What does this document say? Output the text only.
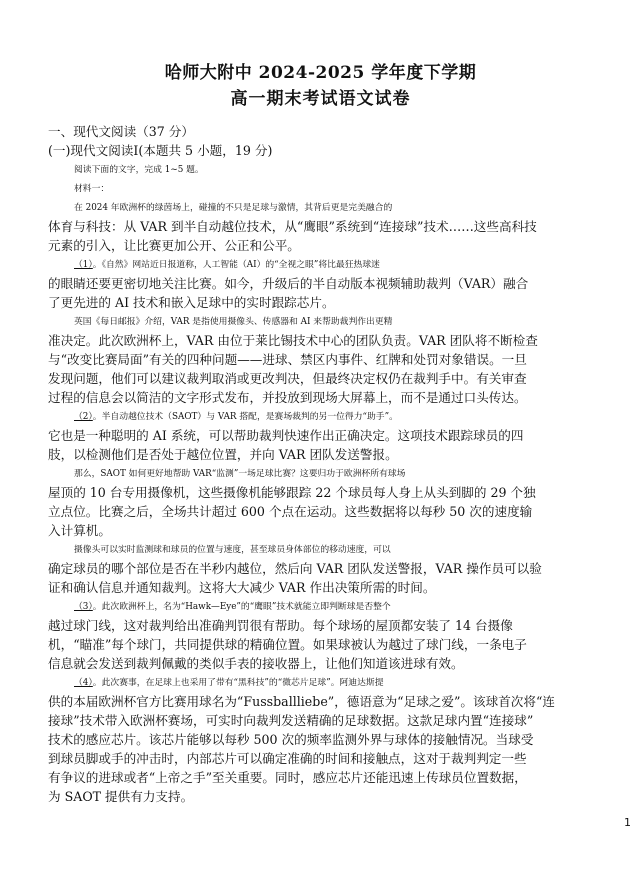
哈师大附中 2024-2025 学年度下学期
高一期末考试语文试卷
一、现代文阅读（37 分）
(一)现代文阅读Ⅰ(本题共 5 小题，19 分)
阅读下面的文字，完成 1~5 题。
材料一：
在 2024 年欧洲杯的绿茵场上，碰撞的不只是足球与激情，其背后更是完美融合的
体育与科技：从 VAR 到半自动越位技术，从“鹰眼”系统到“连接球”技术……这些高科技
元素的引入，让比赛更加公开、公正和公平。
（1）。《自然》网站近日报道称，人工智能（AI）的“全视之眼”将比最狂热球迷
的眼睛还要更密切地关注比赛。如今，升级后的半自动版本视频辅助裁判（VAR）融合
了更先进的 AI 技术和嵌入足球中的实时跟踪芯片。
英国《每日邮报》介绍，VAR 是指使用摄像头、传感器和 AI 来帮助裁判作出更精
准决定。此次欧洲杯上，VAR 由位于莱比锡技术中心的团队负责。VAR 团队将不断检查
与“改变比赛局面”有关的四种问题——进球、禁区内事件、红牌和处罚对象错误。一旦
发现问题，他们可以建议裁判取消或更改判决，但最终决定权仍在裁判手中。有关审查
过程的信息会以简洁的文字形式发布，并投放到现场大屏幕上，而不是通过口头传达。
（2）。半自动越位技术（SAOT）与 VAR 搭配，是赛场裁判的另一位得力“助手”。
它也是一种聪明的 AI 系统，可以帮助裁判快速作出正确决定。这项技术跟踪球员的四
肢，以检测他们是否处于越位位置，并向 VAR 团队发送警报。
那么，SAOT 如何更好地帮助 VAR“监测”一场足球比赛？这要归功于欧洲杯所有球场
屋顶的 10 台专用摄像机，这些摄像机能够跟踪 22 个球员每人身上从头到脚的 29 个独
立点位。比赛之后，全场共计超过 600 个点在运动。这些数据将以每秒 50 次的速度输
入计算机。
摄像头可以实时监测球和球员的位置与速度，甚至球员身体部位的移动速度，可以
确定球员的哪个部位是否在半秒内越位，然后向 VAR 团队发送警报，VAR 操作员可以验
证和确认信息并通知裁判。这将大大减少 VAR 作出决策所需的时间。
（3）。此次欧洲杯上，名为“Hawk—Eye”的“鹰眼”技术就能立即判断球是否整个
越过球门线，这对裁判给出准确判罚很有帮助。每个球场的屋顶都安装了 14 台摄像
机，“瞄准”每个球门，共同提供球的精确位置。如果球被认为越过了球门线，一条电子
信息就会发送到裁判佩戴的类似手表的接收器上，让他们知道该进球有效。
（4）。此次赛事，在足球上也采用了带有“黑科技”的“微芯片足球”。阿迪达斯提
供的本届欧洲杯官方比赛用球名为“Fussballliebe”，德语意为“足球之爱”。该球首次将“连
接球”技术带入欧洲杯赛场，可实时向裁判发送精确的足球数据。这款足球内置“连接球”
技术的感应芯片。该芯片能够以每秒 500 次的频率监测外界与球体的接触情况。当球受
到球员脚或手的冲击时，内部芯片可以确定准确的时间和接触点，这对于裁判判定一些
有争议的进球或者“上帝之手”至关重要。同时，感应芯片还能迅速上传球员位置数据，
为 SAOT 提供有力支持。
1
